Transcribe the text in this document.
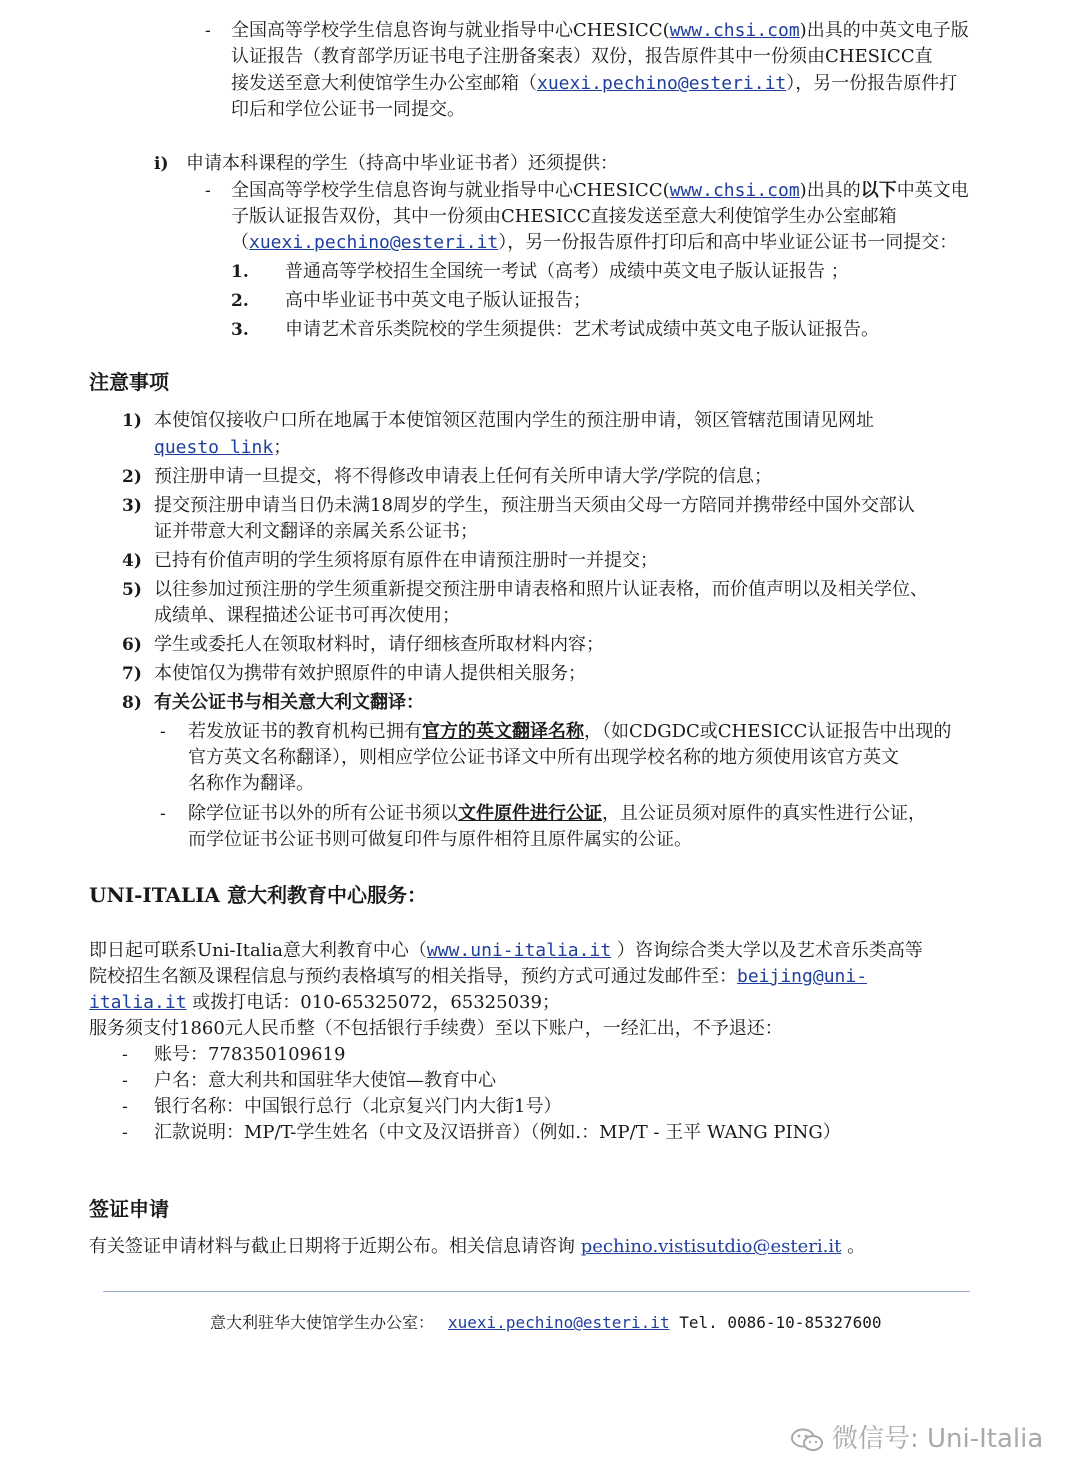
- 全国高等学校学生信息咨询与就业指导中心CHESICC(www.chsi.com)出具的中英文电子版
认证报告（教育部学历证书电子注册备案表）双份，报告原件其中一份须由CHESICC直
接发送至意大利使馆学生办公室邮箱（xuexi.pechino@esteri.it），另一份报告原件打
印后和学位公证书一同提交。
i) 申请本科课程的学生（持高中毕业证书者）还须提供：
- 全国高等学校学生信息咨询与就业指导中心CHESICC(www.chsi.com)出具的以下中英文电
子版认证报告双份，其中一份须由CHESICC直接发送至意大利使馆学生办公室邮箱
（xuexi.pechino@esteri.it），另一份报告原件打印后和高中毕业证公证书一同提交：
1. 普通高等学校招生全国统一考试（高考）成绩中英文电子版认证报告 ；
2. 高中毕业证书中英文电子版认证报告；
3. 申请艺术音乐类院校的学生须提供：艺术考试成绩中英文电子版认证报告。
注意事项
1) 本使馆仅接收户口所在地属于本使馆领区范围内学生的预注册申请，领区管辖范围请见网址
questo link；
2) 预注册申请一旦提交，将不得修改申请表上任何有关所申请大学/学院的信息；
3) 提交预注册申请当日仍未满18周岁的学生，预注册当天须由父母一方陪同并携带经中国外交部认
证并带意大利文翻译的亲属关系公证书；
4) 已持有价值声明的学生须将原有原件在申请预注册时一并提交；
5) 以往参加过预注册的学生须重新提交预注册申请表格和照片认证表格，而价值声明以及相关学位、
成绩单、课程描述公证书可再次使用；
6) 学生或委托人在领取材料时，请仔细核查所取材料内容；
7) 本使馆仅为携带有效护照原件的申请人提供相关服务；
8) 有关公证书与相关意大利文翻译：
- 若发放证书的教育机构已拥有官方的英文翻译名称，（如CDGDC或CHESICC认证报告中出现的
官方英文名称翻译），则相应学位公证书译文中所有出现学校名称的地方须使用该官方英文
名称作为翻译。
- 除学位证书以外的所有公证书须以文件原件进行公证，且公证员须对原件的真实性进行公证，
而学位证书公证书则可做复印件与原件相符且原件属实的公证。
UNI-ITALIA 意大利教育中心服务：
即日起可联系Uni-Italia意大利教育中心（www.uni-italia.it ）咨询综合类大学以及艺术音乐类高等
院校招生名额及课程信息与预约表格填写的相关指导，预约方式可通过发邮件至：beijing@uni-
italia.it 或拨打电话：010-65325072，65325039；
服务须支付1860元人民币整（不包括银行手续费）至以下账户，一经汇出，不予退还：
- 账号：778350109619
- 户名：意大利共和国驻华大使馆—教育中心
- 银行名称：中国银行总行（北京复兴门内大街1号）
- 汇款说明：MP/T-学生姓名（中文及汉语拼音）（例如.：MP/T - 王平 WANG PING）
签证申请
有关签证申请材料与截止日期将于近期公布。相关信息请咨询 pechino.vistisutdio@esteri.it 。
意大利驻华大使馆学生办公室： xuexi.pechino@esteri.it Tel. 0086-10-85327600
微信号: Uni-Italia
